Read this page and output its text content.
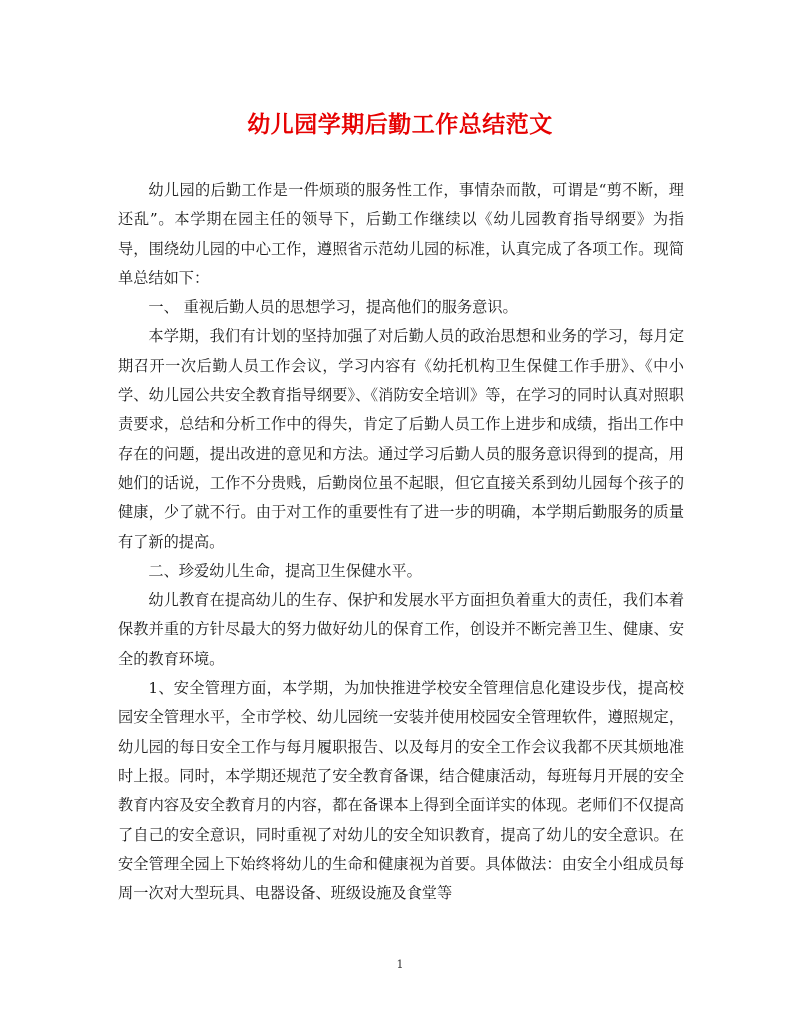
幼儿园学期后勤工作总结范文

幼儿园的后勤工作是一件烦琐的服务性工作，事情杂而散，可谓是“剪不断，理还乱”。本学期在园主任的领导下，后勤工作继续以《幼儿园教育指导纲要》为指导，围绕幼儿园的中心工作，遵照省示范幼儿园的标准，认真完成了各项工作。现简单总结如下：

一、 重视后勤人员的思想学习，提高他们的服务意识。

本学期，我们有计划的坚持加强了对后勤人员的政治思想和业务的学习，每月定期召开一次后勤人员工作会议，学习内容有《幼托机构卫生保健工作手册》、《中小学、幼儿园公共安全教育指导纲要》、《消防安全培训》等，在学习的同时认真对照职责要求，总结和分析工作中的得失，肯定了后勤人员工作上进步和成绩，指出工作中存在的问题，提出改进的意见和方法。通过学习后勤人员的服务意识得到的提高，用她们的话说，工作不分贵贱，后勤岗位虽不起眼，但它直接关系到幼儿园每个孩子的健康，少了就不行。由于对工作的重要性有了进一步的明确，本学期后勤服务的质量有了新的提高。

二、珍爱幼儿生命，提高卫生保健水平。

幼儿教育在提高幼儿的生存、保护和发展水平方面担负着重大的责任，我们本着保教并重的方针尽最大的努力做好幼儿的保育工作，创设并不断完善卫生、健康、安全的教育环境。

1、安全管理方面，本学期，为加快推进学校安全管理信息化建设步伐，提高校园安全管理水平，全市学校、幼儿园统一安装并使用校园安全管理软件，遵照规定，幼儿园的每日安全工作与每月履职报告、以及每月的安全工作会议我都不厌其烦地准时上报。同时，本学期还规范了安全教育备课，结合健康活动，每班每月开展的安全教育内容及安全教育月的内容，都在备课本上得到全面详实的体现。老师们不仅提高了自己的安全意识，同时重视了对幼儿的安全知识教育，提高了幼儿的安全意识。在安全管理全园上下始终将幼儿的生命和健康视为首要。具体做法：由安全小组成员每周一次对大型玩具、电器设备、班级设施及食堂等

1
